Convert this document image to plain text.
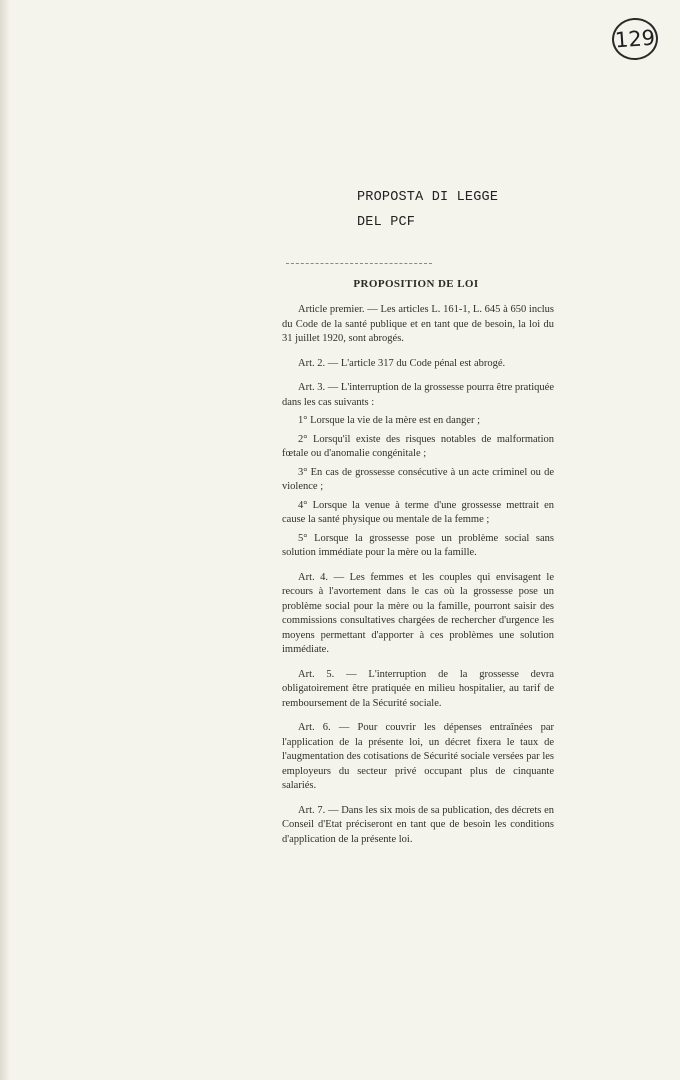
129
PROPOSTA DI LEGGE
DEL PCF
PROPOSITION DE LOI

Article premier. — Les articles L. 161-1, L. 645 à 650 inclus du Code de la santé publique et en tant que de besoin, la loi du 31 juillet 1920, sont abrogés.

Art. 2. — L'article 317 du Code pénal est abrogé.

Art. 3. — L'interruption de la grossesse pourra être pratiquée dans les cas suivants :

1° Lorsque la vie de la mère est en danger ;

2° Lorsqu'il existe des risques notables de malformation fœtale ou d'anomalie congénitale ;

3° En cas de grossesse consécutive à un acte criminel ou de violence ;

4° Lorsque la venue à terme d'une grossesse mettrait en cause la santé physique ou mentale de la femme ;

5° Lorsque la grossesse pose un problème social sans solution immédiate pour la mère ou la famille.

Art. 4. — Les femmes et les couples qui envisagent le recours à l'avortement dans le cas où la grossesse pose un problème social pour la mère ou la famille, pourront saisir des commissions consultatives chargées de rechercher d'urgence les moyens permettant d'apporter à ces problèmes une solution immédiate.

Art. 5. — L'interruption de la grossesse devra obligatoirement être pratiquée en milieu hospitalier, au tarif de remboursement de la Sécurité sociale.

Art. 6. — Pour couvrir les dépenses entraînées par l'application de la présente loi, un décret fixera le taux de l'augmentation des cotisations de Sécurité sociale versées par les employeurs du secteur privé occupant plus de cinquante salariés.

Art. 7. — Dans les six mois de sa publication, des décrets en Conseil d'Etat préciseront en tant que de besoin les conditions d'application de la présente loi.
